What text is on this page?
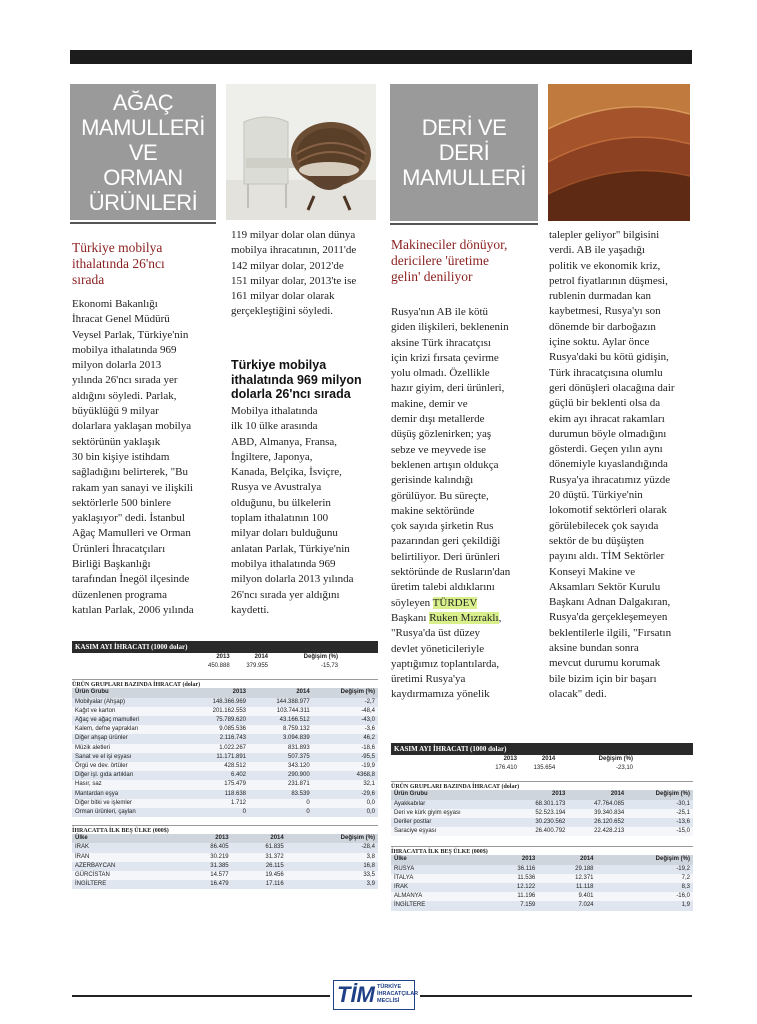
AĞAÇ
MAMULLERİ VE
ORMAN
ÜRÜNLERİ
Türkiye mobilya
ithalatında 26'ncı
sırada
Ekonomi Bakanlığı
İhracat Genel Müdürü
Veysel Parlak, Türkiye'nin
mobilya ithalatında 969
milyon dolarla 2013
yılında 26'ncı sırada yer
aldığını söyledi. Parlak,
büyüklüğü 9 milyar
dolarlara yaklaşan mobilya
sektörünün yaklaşık
30 bin kişiye istihdam
sağladığını belirterek, "Bu
rakam yan sanayi ve ilişkili
sektörlerle 500 binlere
yaklaşıyor" dedi. İstanbul
Ağaç Mamulleri ve Orman
Ürünleri İhracatçıları
Birliği Başkanlığı
tarafından İnegöl ilçesinde
düzenlenen programa
katılan Parlak, 2006 yılında
119 milyar dolar olan dünya
mobilya ihracatının, 2011'de
142 milyar dolar, 2012'de
151 milyar dolar, 2013'te ise
161 milyar dolar olarak
gerçekleştiğini söyledi.
Türkiye mobilya
ithalatında 969 milyon
dolarla 26'ncı sırada
Mobilya ithalatında
ilk 10 ülke arasında
ABD, Almanya, Fransa,
İngiltere, Japonya,
Kanada, Belçika, İsviçre,
Rusya ve Avustralya
olduğunu, bu ülkelerin
toplam ithalatının 100
milyar doları bulduğunu
anlatan Parlak, Türkiye'nin
mobilya ithalatında 969
milyon dolarla 2013 yılında
26'ncı sırada yer aldığını
kaydetti.
KASIM AYI İHRACATI (1000 dolar)
	2013	2014	Değişim (%)
	450.888	379.955	-15,73
ÜRÜN GRUPLARI BAZINDA İHRACAT (dolar)
Ürün Grubu	2013	2014	Değişim (%)
Mobilyalar (Ahşap)	148.366.969	144.388.977	-2,7
Kağıt ve karton	201.162.553	103.744.311	-48,4
Ağaç ve ağaç mamulleri	75.789.620	43.166.512	-43,0
Kalem, defne yaprakları	9.085.536	8.759.132	-3,6
Diğer ahşap ürünler	2.116.743	3.094.839	46,2
Müzik aletleri	1.022.267	831.893	-18,6
Sanat ve el işi eşyası	11.171.891	507.375	-95,5
Örgü ve dev. örtüler	428.512	343.120	-19,9
Diğer işl. gıda artıkları	6.402	290.900	4368,8
Hasır, saz	175.479	231.871	32,1
Mantardan eşya	118.638	83.539	-29,6
Diğer bitki ve işlemler	1.712	0	0,0
Orman ürünleri, çaylan	0	0	0,0
İHRACATTA İLK BEŞ ÜLKE (000$)
Ülke	2013	2014	Değişim (%)
IRAK	86.405	61.835	-28,4
İRAN	30.219	31.372	3,8
AZERBAYCAN	31.385	26.115	16,8
GÜRCİSTAN	14.577	19.456	33,5
İNGİLTERE	16.479	17.116	3,9
DERİ VE
DERİ
MAMULLERİ
Makineciler dönüyor,
dericilere 'üretime
gelin' deniliyor
Rusya'nın AB ile kötü
giden ilişkileri, beklenenin
aksine Türk ihracatçısı
için krizi fırsata çevirme
yolu olmadı. Özellikle
hazır giyim, deri ürünleri,
makine, demir ve
demir dışı metallerde
düşüş gözlenirken; yaş
sebze ve meyvede ise
beklenen artışın oldukça
gerisinde kalındığı
görülüyor. Bu süreçte,
makine sektöründe
çok sayıda şirketin Rus
pazarından geri çekildiği
belirtiliyor. Deri ürünleri
sektöründe de Rusların'dan
üretim talebi aldıklarını
söyleyen TÜRDEV
Başkanı Ruken Mızraklı,
"Rusya'da üst düzey
devlet yöneticileriyle
yaptığımız toplantılarda,
üretimi Rusya'ya
kaydırmamıza yönelik
talepler geliyor" bilgisini
verdi. AB ile yaşadığı
politik ve ekonomik kriz,
petrol fiyatlarının düşmesi,
rublenin durmadan kan
kaybetmesi, Rusya'yı son
dönemde bir darboğazın
içine soktu. Aylar önce
Rusya'daki bu kötü gidişin,
Türk ihracatçısına olumlu
geri dönüşleri olacağına dair
güçlü bir beklenti olsa da
ekim ayı ihracat rakamları
durumun böyle olmadığını
gösterdi. Geçen yılın aynı
dönemiyle kıyaslandığında
Rusya'ya ihracatımız yüzde
20 düştü. Türkiye'nin
lokomotif sektörleri olarak
görülebilecek çok sayıda
sektör de bu düşüşten
payını aldı. TİM Sektörler
Konseyi Makine ve
Aksamları Sektör Kurulu
Başkanı Adnan Dalgakıran,
Rusya'da gerçekleşemeyen
beklentilerle ilgili, "Fırsatın
aksine bundan sonra
mevcut durumu korumak
bile bizim için bir başarı
olacak" dedi.
KASIM AYI İHRACATI (1000 dolar)
	2013	2014	Değişim (%)
	176.410	135.654	-23,10
ÜRÜN GRUPLARI BAZINDA İHRACAT (dolar)
Ürün Grubu	2013	2014	Değişim (%)
Ayakkabılar	68.301.173	47.764.085	-30,1
Deri ve kürk giyim eşyası	52.523.194	39.340.834	-25,1
Deriler postlar	30.230.562	26.120.652	-13,6
Saraciye eşyası	26.400.792	22.428.213	-15,0
İHRACATTA İLK BEŞ ÜLKE (000$)
Ülke	2013	2014	Değişim (%)
RUSYA	36.116	29.188	-19,2
İTALYA	11.536	12.371	7,2
IRAK	12.122	11.118	8,3
ALMANYA	11.196	9.401	-16,0
İNGİLTERE	7.159	7.024	1,9
TİM TÜRKİYE
İHRACATÇILAR
MECLİSİ
